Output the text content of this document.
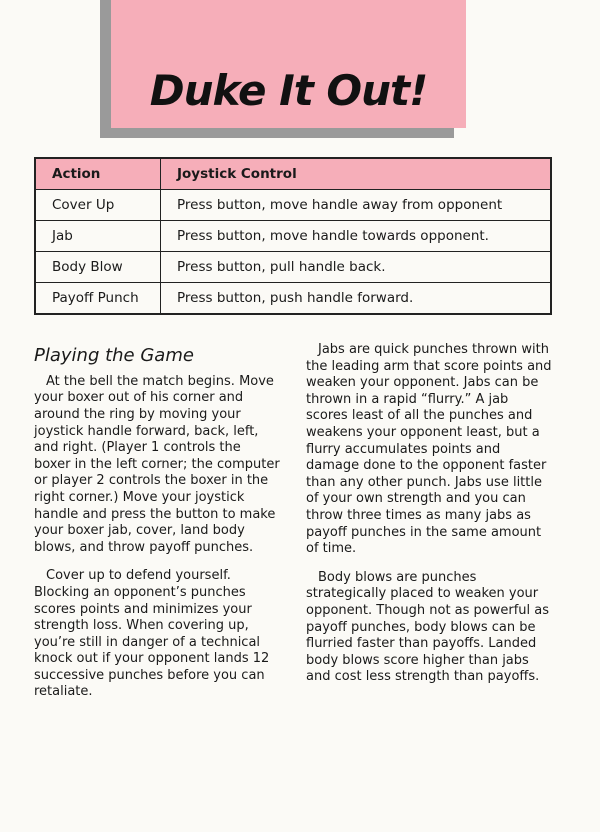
Duke It Out!
Action	Joystick Control
Cover Up	Press button, move handle away from opponent
Jab	Press button, move handle towards opponent.
Body Blow	Press button, pull handle back.
Payoff Punch	Press button, push handle forward.
Playing the Game

At the bell the match begins. Move your boxer out of his corner and around the ring by moving your joystick handle forward, back, left, and right. (Player 1 controls the boxer in the left corner; the computer or player 2 controls the boxer in the right corner.) Move your joystick handle and press the button to make your boxer jab, cover, land body blows, and throw payoff punches.

Cover up to defend yourself. Blocking an opponent’s punches scores points and minimizes your strength loss. When covering up, you’re still in danger of a technical knock out if your opponent lands 12 successive punches before you can retaliate.

Jabs are quick punches thrown with the leading arm that score points and weaken your opponent. Jabs can be thrown in a rapid “flurry.” A jab scores least of all the punches and weakens your opponent least, but a flurry accumulates points and damage done to the opponent faster than any other punch. Jabs use little of your own strength and you can throw three times as many jabs as payoff punches in the same amount of time.

Body blows are punches strategically placed to weaken your opponent. Though not as powerful as payoff punches, body blows can be flurried faster than payoffs. Landed body blows score higher than jabs and cost less strength than payoffs.
